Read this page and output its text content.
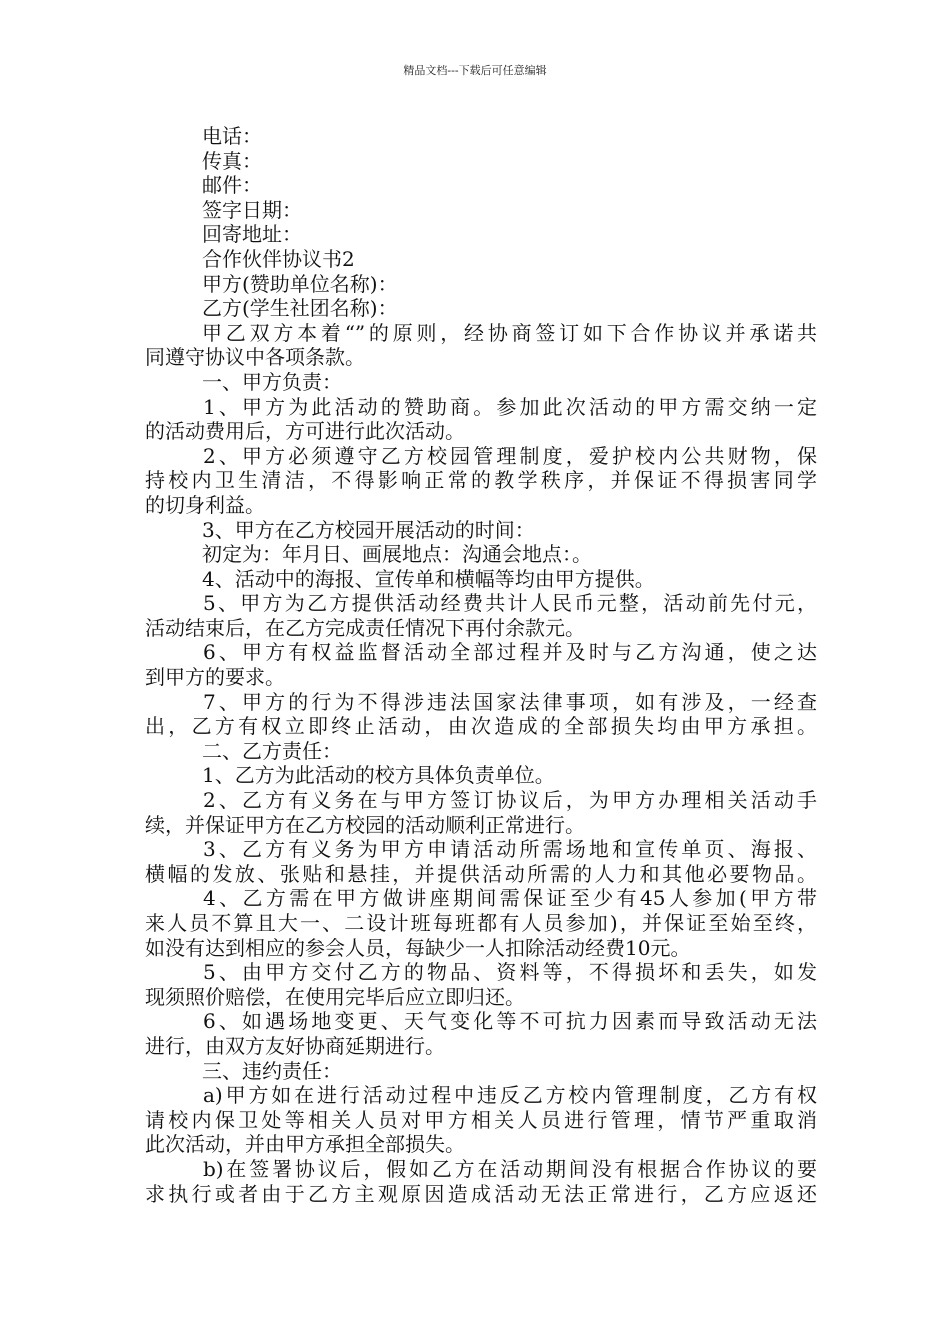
精品文档---下载后可任意编辑
电话：
传真：
邮件：
签字日期：
回寄地址：
合作伙伴协议书2
甲方(赞助单位名称)：
乙方(学生社团名称)：
甲乙双方本着“”的原则，经协商签订如下合作协议并承诺共
同遵守协议中各项条款。
一、甲方负责：
1、甲方为此活动的赞助商。参加此次活动的甲方需交纳一定
的活动费用后，方可进行此次活动。
2、甲方必须遵守乙方校园管理制度，爱护校内公共财物，保
持校内卫生清洁，不得影响正常的教学秩序，并保证不得损害同学
的切身利益。
3、甲方在乙方校园开展活动的时间：
初定为：年月日、画展地点：沟通会地点：。
4、活动中的海报、宣传单和横幅等均由甲方提供。
5、甲方为乙方提供活动经费共计人民币元整，活动前先付元，
活动结束后，在乙方完成责任情况下再付余款元。
6、甲方有权益监督活动全部过程并及时与乙方沟通，使之达
到甲方的要求。
7、甲方的行为不得涉违法国家法律事项，如有涉及，一经查
出，乙方有权立即终止活动，由次造成的全部损失均由甲方承担。
二、乙方责任：
1、乙方为此活动的校方具体负责单位。
2、乙方有义务在与甲方签订协议后，为甲方办理相关活动手
续，并保证甲方在乙方校园的活动顺利正常进行。
3、乙方有义务为甲方申请活动所需场地和宣传单页、海报、
横幅的发放、张贴和悬挂，并提供活动所需的人力和其他必要物品。
4、乙方需在甲方做讲座期间需保证至少有45人参加(甲方带
来人员不算且大一、二设计班每班都有人员参加)，并保证至始至终，
如没有达到相应的参会人员，每缺少一人扣除活动经费10元。
5、由甲方交付乙方的物品、资料等，不得损坏和丢失，如发
现须照价赔偿，在使用完毕后应立即归还。
6、如遇场地变更、天气变化等不可抗力因素而导致活动无法
进行，由双方友好协商延期进行。
三、违约责任：
a)甲方如在进行活动过程中违反乙方校内管理制度，乙方有权
请校内保卫处等相关人员对甲方相关人员进行管理，情节严重取消
此次活动，并由甲方承担全部损失。
b)在签署协议后，假如乙方在活动期间没有根据合作协议的要
求执行或者由于乙方主观原因造成活动无法正常进行，乙方应返还
